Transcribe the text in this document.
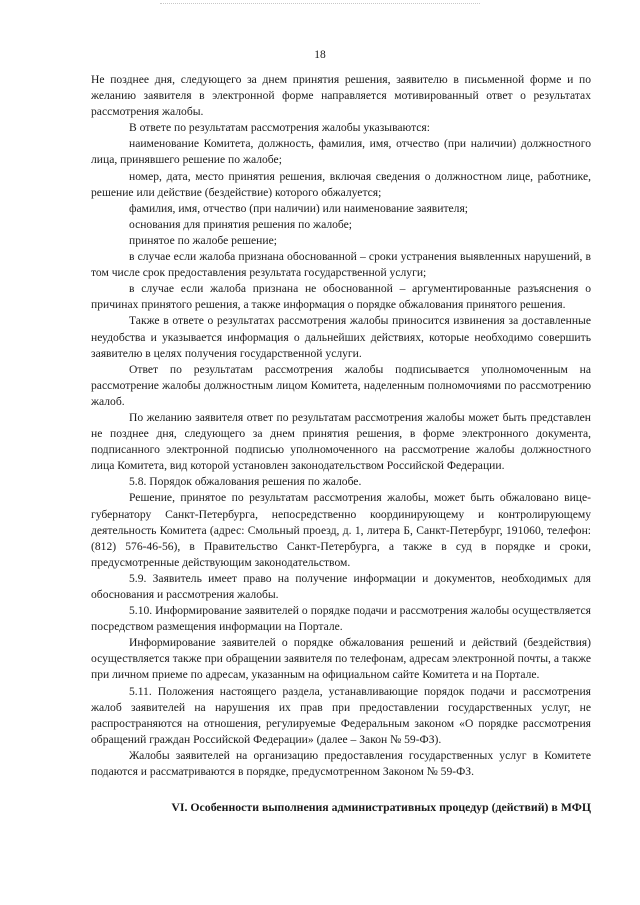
18

Не позднее дня, следующего за днем принятия решения, заявителю в письменной форме и по желанию заявителя в электронной форме направляется мотивированный ответ о результатах рассмотрения жалобы.

В ответе по результатам рассмотрения жалобы указываются:

наименование Комитета, должность, фамилия, имя, отчество (при наличии) должностного лица, принявшего решение по жалобе;

номер, дата, место принятия решения, включая сведения о должностном лице, работнике, решение или действие (бездействие) которого обжалуется;

фамилия, имя, отчество (при наличии) или наименование заявителя;

основания для принятия решения по жалобе;

принятое по жалобе решение;

в случае если жалоба признана обоснованной – сроки устранения выявленных нарушений, в том числе срок предоставления результата государственной услуги;

в случае если жалоба признана не обоснованной – аргументированные разъяснения о причинах принятого решения, а также информация о порядке обжалования принятого решения.

Также в ответе о результатах рассмотрения жалобы приносится извинения за доставленные неудобства и указывается информация о дальнейших действиях, которые необходимо совершить заявителю в целях получения государственной услуги.

Ответ по результатам рассмотрения жалобы подписывается уполномоченным на рассмотрение жалобы должностным лицом Комитета, наделенным полномочиями по рассмотрению жалоб.

По желанию заявителя ответ по результатам рассмотрения жалобы может быть представлен не позднее дня, следующего за днем принятия решения, в форме электронного документа, подписанного электронной подписью уполномоченного на рассмотрение жалобы должностного лица Комитета, вид которой установлен законодательством Российской Федерации.

5.8. Порядок обжалования решения по жалобе.

Решение, принятое по результатам рассмотрения жалобы, может быть обжаловано вице-губернатору Санкт-Петербурга, непосредственно координирующему и контролирующему деятельность Комитета (адрес: Смольный проезд, д. 1, литера Б, Санкт-Петербург, 191060, телефон: (812) 576-46-56), в Правительство Санкт-Петербурга, а также в суд в порядке и сроки, предусмотренные действующим законодательством.

5.9. Заявитель имеет право на получение информации и документов, необходимых для обоснования и рассмотрения жалобы.

5.10. Информирование заявителей о порядке подачи и рассмотрения жалобы осуществляется посредством размещения информации на Портале.

Информирование заявителей о порядке обжалования решений и действий (бездействия) осуществляется также при обращении заявителя по телефонам, адресам электронной почты, а также при личном приеме по адресам, указанным на официальном сайте Комитета и на Портале.

5.11. Положения настоящего раздела, устанавливающие порядок подачи и рассмотрения жалоб заявителей на нарушения их прав при предоставлении государственных услуг, не распространяются на отношения, регулируемые Федеральным законом «О порядке рассмотрения обращений граждан Российской Федерации» (далее – Закон № 59-ФЗ).

Жалобы заявителей на организацию предоставления государственных услуг в Комитете подаются и рассматриваются в порядке, предусмотренном Законом № 59-ФЗ.

VI. Особенности выполнения административных процедур (действий) в МФЦ
